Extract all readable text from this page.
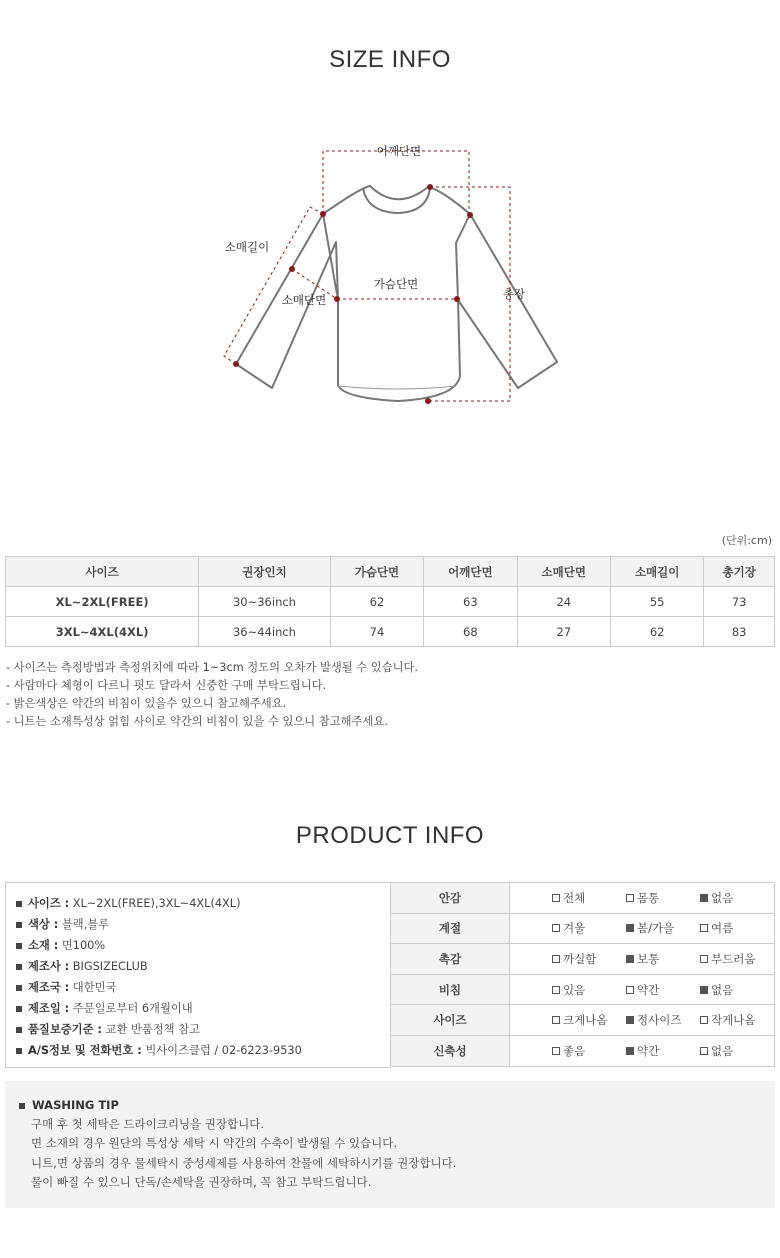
SIZE INFO
어깨단면
소매길이
소매단면
가슴단면
총장
(단위:cm)
사이즈	권장인치	가슴단면	어깨단면	소매단면	소매길이	총기장
XL~2XL(FREE)	30~36inch	62	63	24	55	73
3XL~4XL(4XL)	36~44inch	74	68	27	62	83
- 사이즈는 측정방법과 측정위치에 따라 1~3cm 정도의 오차가 발생될 수 있습니다.
- 사람마다 체형이 다르니 핏도 달라서 신중한 구매 부탁드립니다.
- 밝은색상은 약간의 비침이 있을수 있으니 참고해주세요.
- 니트는 소재특성상 얽힘 사이로 약간의 비침이 있을 수 있으니 참고해주세요.
PRODUCT INFO
사이즈 : XL~2XL(FREE),3XL~4XL(4XL)
색상 : 블랙,블루
소재 : 면100%
제조사 : BIGSIZECLUB
제조국 : 대한민국
제조일 : 주문일로부터 6개월이내
품질보증기준 : 교환 반품정책 참고
A/S정보 및 전화번호 : 빅사이즈클럽 / 02-6223-9530
안감	전체 몸통 없음

계절	겨울 봄/가을 여름

촉감	까실함 보통 부드러움

비침	있음 약간 없음

사이즈	크게나옴 정사이즈 작게나옴

신축성	좋음 약간 없음
WASHING TIP
구매 후 첫 세탁은 드라이크리닝을 권장합니다.
면 소재의 경우 원단의 특성상 세탁 시 약간의 수축이 발생될 수 있습니다.
니트,면 상품의 경우 물세탁시 중성세제를 사용하여 찬물에 세탁하시기를 권장합니다.
물이 빠질 수 있으니 단독/손세탁을 권장하며, 꼭 참고 부탁드립니다.
